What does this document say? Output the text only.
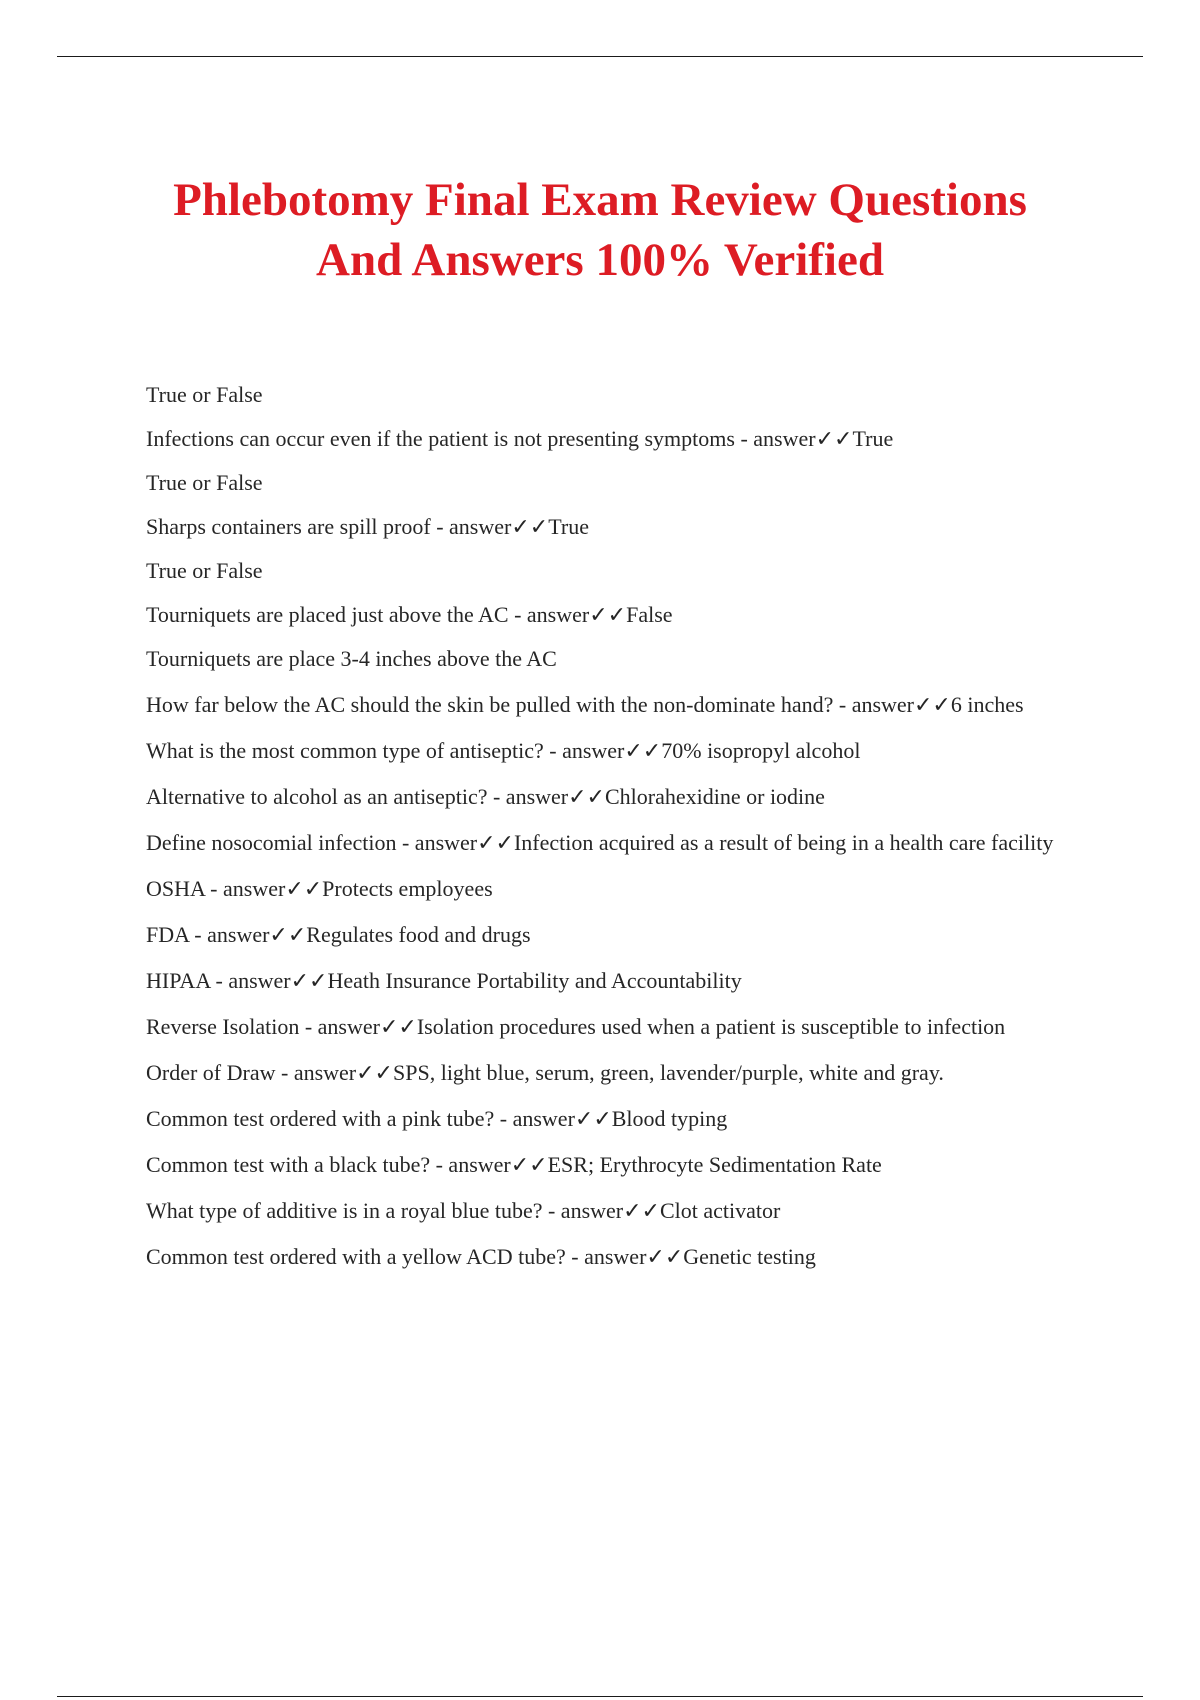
Phlebotomy Final Exam Review Questions
And Answers 100% Verified

True or False

Infections can occur even if the patient is not presenting symptoms - answer✓✓True

True or False

Sharps containers are spill proof - answer✓✓True

True or False

Tourniquets are placed just above the AC - answer✓✓False

Tourniquets are place 3-4 inches above the AC

How far below the AC should the skin be pulled with the non-dominate hand? - answer✓✓6 inches

What is the most common type of antiseptic? - answer✓✓70% isopropyl alcohol

Alternative to alcohol as an antiseptic? - answer✓✓Chlorahexidine or iodine

Define nosocomial infection - answer✓✓Infection acquired as a result of being in a health care facility

OSHA - answer✓✓Protects employees

FDA - answer✓✓Regulates food and drugs

HIPAA - answer✓✓Heath Insurance Portability and Accountability

Reverse Isolation - answer✓✓Isolation procedures used when a patient is susceptible to infection

Order of Draw - answer✓✓SPS, light blue, serum, green, lavender/purple, white and gray.

Common test ordered with a pink tube? - answer✓✓Blood typing

Common test with a black tube? - answer✓✓ESR; Erythrocyte Sedimentation Rate

What type of additive is in a royal blue tube? - answer✓✓Clot activator

Common test ordered with a yellow ACD tube? - answer✓✓Genetic testing
